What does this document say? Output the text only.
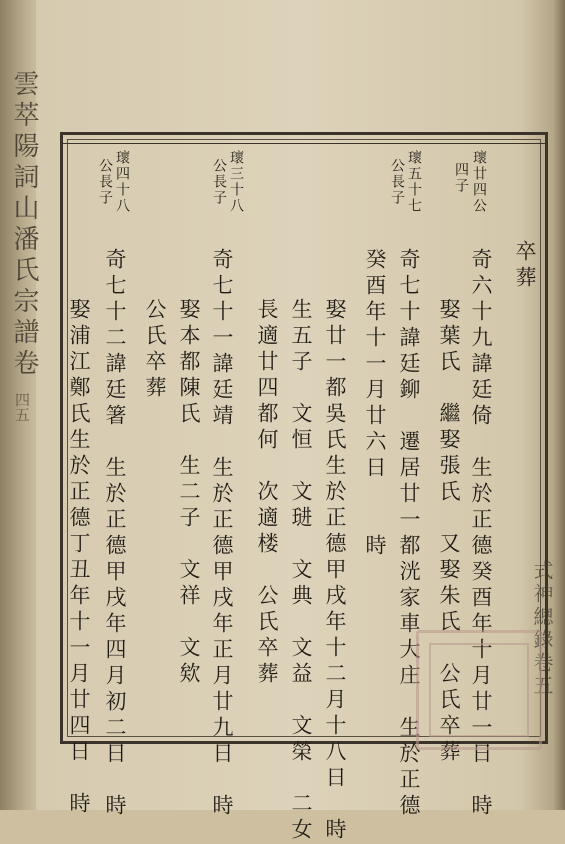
雲萃陽詞山潘氏宗譜卷
四五
瓌廿四公
四子
瓌五十七
公長子
瓌三十八
公長子
瓌四十八
公長子
卒葬
奇六十九諱廷倚　生於正德癸酉年十月廿一日　時
娶葉氏　繼娶張氏　又娶朱氏　公氏卒葬
奇七十諱廷鉚　遷居廿一都洸家車大庄　生於正德
癸酉年十一月廿六日　　時
娶廿一都吳氏生於正德甲戌年十二月十八日　時
生五子　文恒　文琎　文典　文益　文榮　二女
長適廿四都何　次適楼　公氏卒葬
奇七十一諱廷靖　生於正德甲戌年正月廿九日　時
娶本都陳氏　生二子　文祥　文欸
公氏卒葬
奇七十二諱廷箸　生於正德甲戌年四月初二日　時
娶浦江鄭氏生於正德丁丑年十一月廿四日　時	式神總錄卷五
